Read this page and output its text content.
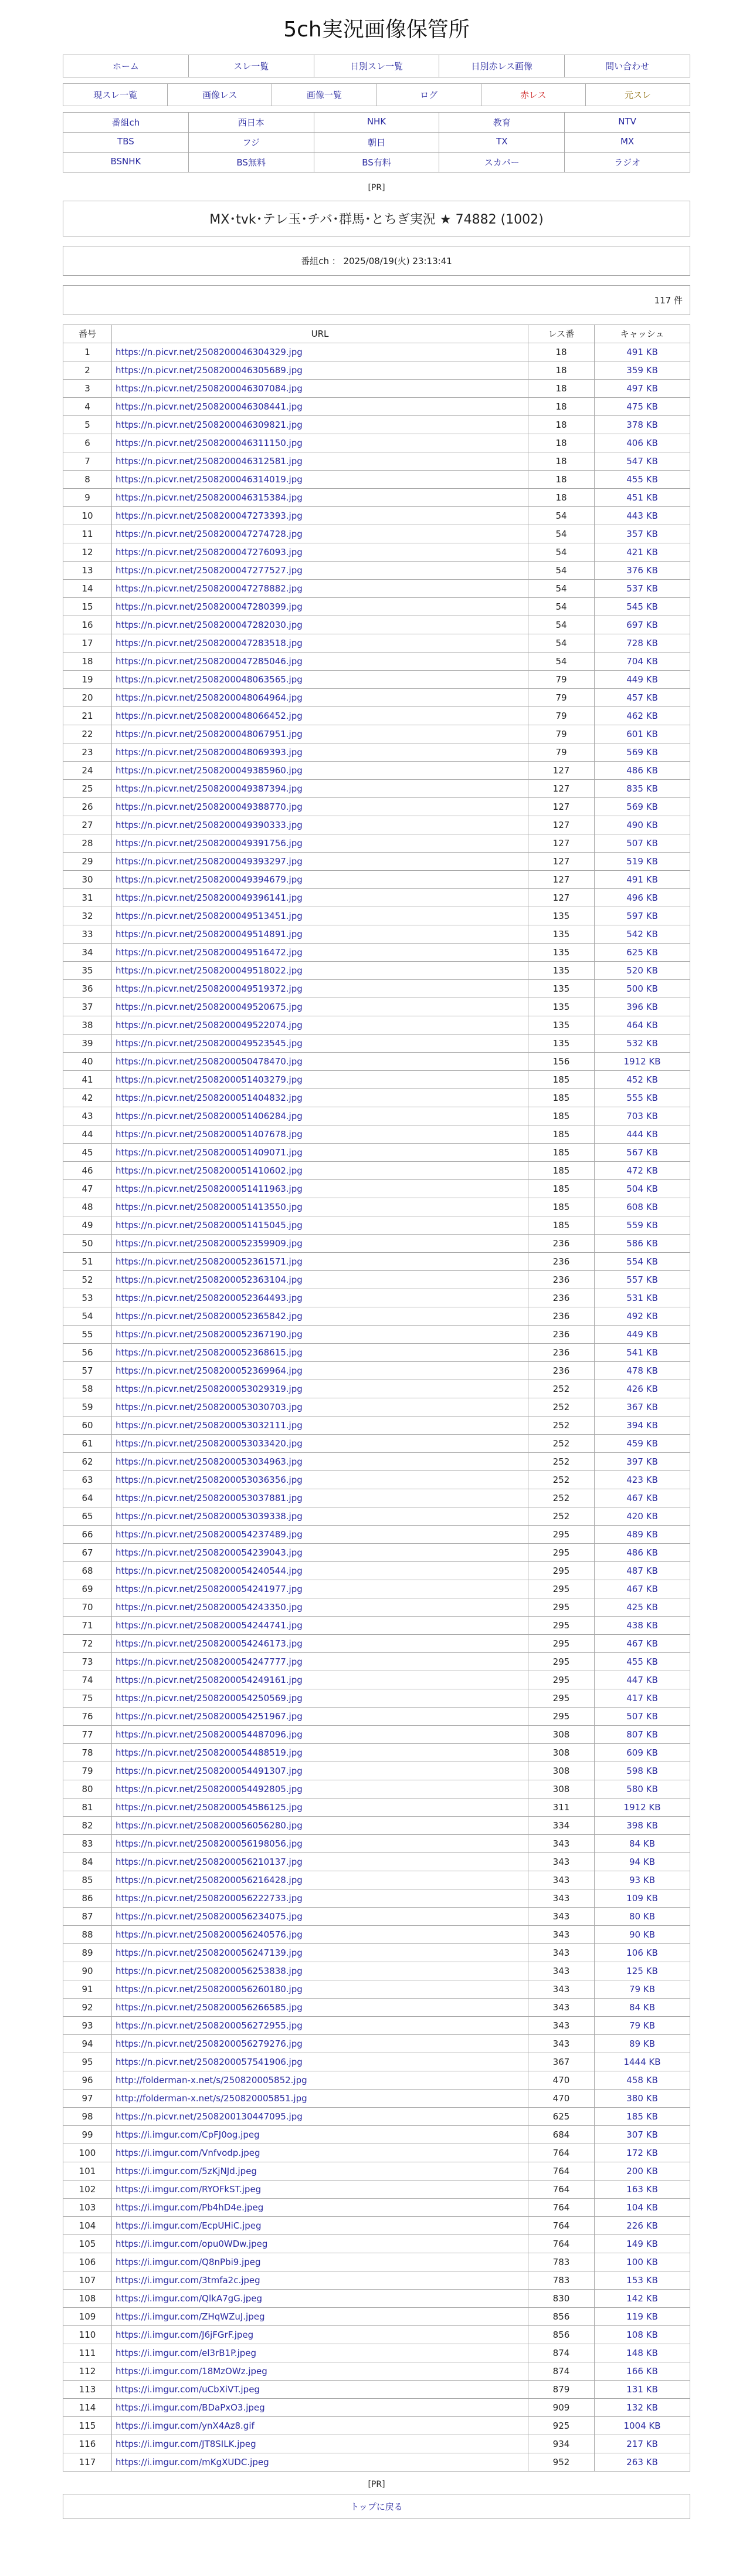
5ch実況画像保管所
ホーム	スレ一覧	日別スレ一覧	日別赤レス画像	問い合わせ
現スレ一覧	画像レス	画像一覧	ログ	赤レス	元スレ
番組ch	西日本	NHK	教育	NTV
TBS	フジ	朝日	TX	MX
BSNHK	BS無料	BS有料	スカパー	ラジオ
[PR]
MX･tvk･テレ玉･チバ･群馬･とちぎ実況 ★ 74882 (1002)
番組ch ： 2025/08/19(火) 23:13:41
117 件
番号	URL	レス番	キャッシュ
1	https://n.picvr.net/2508200046304329.jpg	18	491 KB
2	https://n.picvr.net/2508200046305689.jpg	18	359 KB
3	https://n.picvr.net/2508200046307084.jpg	18	497 KB
4	https://n.picvr.net/2508200046308441.jpg	18	475 KB
5	https://n.picvr.net/2508200046309821.jpg	18	378 KB
6	https://n.picvr.net/2508200046311150.jpg	18	406 KB
7	https://n.picvr.net/2508200046312581.jpg	18	547 KB
8	https://n.picvr.net/2508200046314019.jpg	18	455 KB
9	https://n.picvr.net/2508200046315384.jpg	18	451 KB
10	https://n.picvr.net/2508200047273393.jpg	54	443 KB
11	https://n.picvr.net/2508200047274728.jpg	54	357 KB
12	https://n.picvr.net/2508200047276093.jpg	54	421 KB
13	https://n.picvr.net/2508200047277527.jpg	54	376 KB
14	https://n.picvr.net/2508200047278882.jpg	54	537 KB
15	https://n.picvr.net/2508200047280399.jpg	54	545 KB
16	https://n.picvr.net/2508200047282030.jpg	54	697 KB
17	https://n.picvr.net/2508200047283518.jpg	54	728 KB
18	https://n.picvr.net/2508200047285046.jpg	54	704 KB
19	https://n.picvr.net/2508200048063565.jpg	79	449 KB
20	https://n.picvr.net/2508200048064964.jpg	79	457 KB
21	https://n.picvr.net/2508200048066452.jpg	79	462 KB
22	https://n.picvr.net/2508200048067951.jpg	79	601 KB
23	https://n.picvr.net/2508200048069393.jpg	79	569 KB
24	https://n.picvr.net/2508200049385960.jpg	127	486 KB
25	https://n.picvr.net/2508200049387394.jpg	127	835 KB
26	https://n.picvr.net/2508200049388770.jpg	127	569 KB
27	https://n.picvr.net/2508200049390333.jpg	127	490 KB
28	https://n.picvr.net/2508200049391756.jpg	127	507 KB
29	https://n.picvr.net/2508200049393297.jpg	127	519 KB
30	https://n.picvr.net/2508200049394679.jpg	127	491 KB
31	https://n.picvr.net/2508200049396141.jpg	127	496 KB
32	https://n.picvr.net/2508200049513451.jpg	135	597 KB
33	https://n.picvr.net/2508200049514891.jpg	135	542 KB
34	https://n.picvr.net/2508200049516472.jpg	135	625 KB
35	https://n.picvr.net/2508200049518022.jpg	135	520 KB
36	https://n.picvr.net/2508200049519372.jpg	135	500 KB
37	https://n.picvr.net/2508200049520675.jpg	135	396 KB
38	https://n.picvr.net/2508200049522074.jpg	135	464 KB
39	https://n.picvr.net/2508200049523545.jpg	135	532 KB
40	https://n.picvr.net/2508200050478470.jpg	156	1912 KB
41	https://n.picvr.net/2508200051403279.jpg	185	452 KB
42	https://n.picvr.net/2508200051404832.jpg	185	555 KB
43	https://n.picvr.net/2508200051406284.jpg	185	703 KB
44	https://n.picvr.net/2508200051407678.jpg	185	444 KB
45	https://n.picvr.net/2508200051409071.jpg	185	567 KB
46	https://n.picvr.net/2508200051410602.jpg	185	472 KB
47	https://n.picvr.net/2508200051411963.jpg	185	504 KB
48	https://n.picvr.net/2508200051413550.jpg	185	608 KB
49	https://n.picvr.net/2508200051415045.jpg	185	559 KB
50	https://n.picvr.net/2508200052359909.jpg	236	586 KB
51	https://n.picvr.net/2508200052361571.jpg	236	554 KB
52	https://n.picvr.net/2508200052363104.jpg	236	557 KB
53	https://n.picvr.net/2508200052364493.jpg	236	531 KB
54	https://n.picvr.net/2508200052365842.jpg	236	492 KB
55	https://n.picvr.net/2508200052367190.jpg	236	449 KB
56	https://n.picvr.net/2508200052368615.jpg	236	541 KB
57	https://n.picvr.net/2508200052369964.jpg	236	478 KB
58	https://n.picvr.net/2508200053029319.jpg	252	426 KB
59	https://n.picvr.net/2508200053030703.jpg	252	367 KB
60	https://n.picvr.net/2508200053032111.jpg	252	394 KB
61	https://n.picvr.net/2508200053033420.jpg	252	459 KB
62	https://n.picvr.net/2508200053034963.jpg	252	397 KB
63	https://n.picvr.net/2508200053036356.jpg	252	423 KB
64	https://n.picvr.net/2508200053037881.jpg	252	467 KB
65	https://n.picvr.net/2508200053039338.jpg	252	420 KB
66	https://n.picvr.net/2508200054237489.jpg	295	489 KB
67	https://n.picvr.net/2508200054239043.jpg	295	486 KB
68	https://n.picvr.net/2508200054240544.jpg	295	487 KB
69	https://n.picvr.net/2508200054241977.jpg	295	467 KB
70	https://n.picvr.net/2508200054243350.jpg	295	425 KB
71	https://n.picvr.net/2508200054244741.jpg	295	438 KB
72	https://n.picvr.net/2508200054246173.jpg	295	467 KB
73	https://n.picvr.net/2508200054247777.jpg	295	455 KB
74	https://n.picvr.net/2508200054249161.jpg	295	447 KB
75	https://n.picvr.net/2508200054250569.jpg	295	417 KB
76	https://n.picvr.net/2508200054251967.jpg	295	507 KB
77	https://n.picvr.net/2508200054487096.jpg	308	807 KB
78	https://n.picvr.net/2508200054488519.jpg	308	609 KB
79	https://n.picvr.net/2508200054491307.jpg	308	598 KB
80	https://n.picvr.net/2508200054492805.jpg	308	580 KB
81	https://n.picvr.net/2508200054586125.jpg	311	1912 KB
82	https://n.picvr.net/2508200056056280.jpg	334	398 KB
83	https://n.picvr.net/2508200056198056.jpg	343	84 KB
84	https://n.picvr.net/2508200056210137.jpg	343	94 KB
85	https://n.picvr.net/2508200056216428.jpg	343	93 KB
86	https://n.picvr.net/2508200056222733.jpg	343	109 KB
87	https://n.picvr.net/2508200056234075.jpg	343	80 KB
88	https://n.picvr.net/2508200056240576.jpg	343	90 KB
89	https://n.picvr.net/2508200056247139.jpg	343	106 KB
90	https://n.picvr.net/2508200056253838.jpg	343	125 KB
91	https://n.picvr.net/2508200056260180.jpg	343	79 KB
92	https://n.picvr.net/2508200056266585.jpg	343	84 KB
93	https://n.picvr.net/2508200056272955.jpg	343	79 KB
94	https://n.picvr.net/2508200056279276.jpg	343	89 KB
95	https://n.picvr.net/2508200057541906.jpg	367	1444 KB
96	http://folderman-x.net/s/250820005852.jpg	470	458 KB
97	http://folderman-x.net/s/250820005851.jpg	470	380 KB
98	https://n.picvr.net/2508200130447095.jpg	625	185 KB
99	https://i.imgur.com/CpFJ0og.jpeg	684	307 KB
100	https://i.imgur.com/Vnfvodp.jpeg	764	172 KB
101	https://i.imgur.com/5zKjNJd.jpeg	764	200 KB
102	https://i.imgur.com/RYOFkST.jpeg	764	163 KB
103	https://i.imgur.com/Pb4hD4e.jpeg	764	104 KB
104	https://i.imgur.com/EcpUHiC.jpeg	764	226 KB
105	https://i.imgur.com/opu0WDw.jpeg	764	149 KB
106	https://i.imgur.com/Q8nPbi9.jpeg	783	100 KB
107	https://i.imgur.com/3tmfa2c.jpeg	783	153 KB
108	https://i.imgur.com/QlkA7gG.jpeg	830	142 KB
109	https://i.imgur.com/ZHqWZuJ.jpeg	856	119 KB
110	https://i.imgur.com/J6jFGrF.jpeg	856	108 KB
111	https://i.imgur.com/el3rB1P.jpeg	874	148 KB
112	https://i.imgur.com/18MzOWz.jpeg	874	166 KB
113	https://i.imgur.com/uCbXiVT.jpeg	879	131 KB
114	https://i.imgur.com/BDaPxO3.jpeg	909	132 KB
115	https://i.imgur.com/ynX4Az8.gif	925	1004 KB
116	https://i.imgur.com/JT8SILK.jpeg	934	217 KB
117	https://i.imgur.com/mKgXUDC.jpeg	952	263 KB
[PR]
トップに戻る
